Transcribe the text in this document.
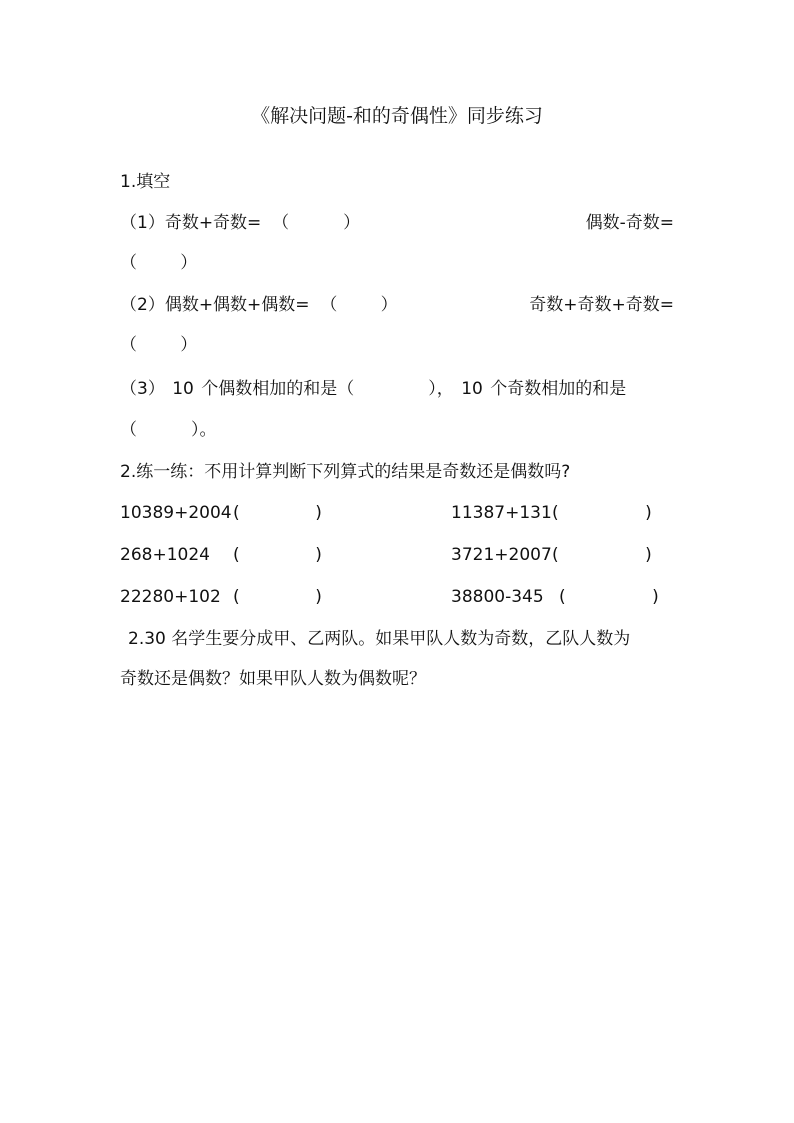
《解决问题-和的奇偶性》同步练习
1.填空
（1）奇数+奇数=  （          ）	偶数-奇数=
（        ）
（2）偶数+偶数+偶数=  （        ）	奇数+奇数+奇数=
（        ）
（3） 10 个偶数相加的和是（          ）， 10 个奇数相加的和是
（          ）。
2.练一练：不用计算判断下列算式的结果是奇数还是偶数吗?
10389+2004 (              )	11387+131 (                )
268+1024 (              )	3721+2007 (                )
22280+102 (              )	38800-345 (                )
2.30 名学生要分成甲、乙两队。如果甲队人数为奇数，乙队人数为
奇数还是偶数？如果甲队人数为偶数呢？
